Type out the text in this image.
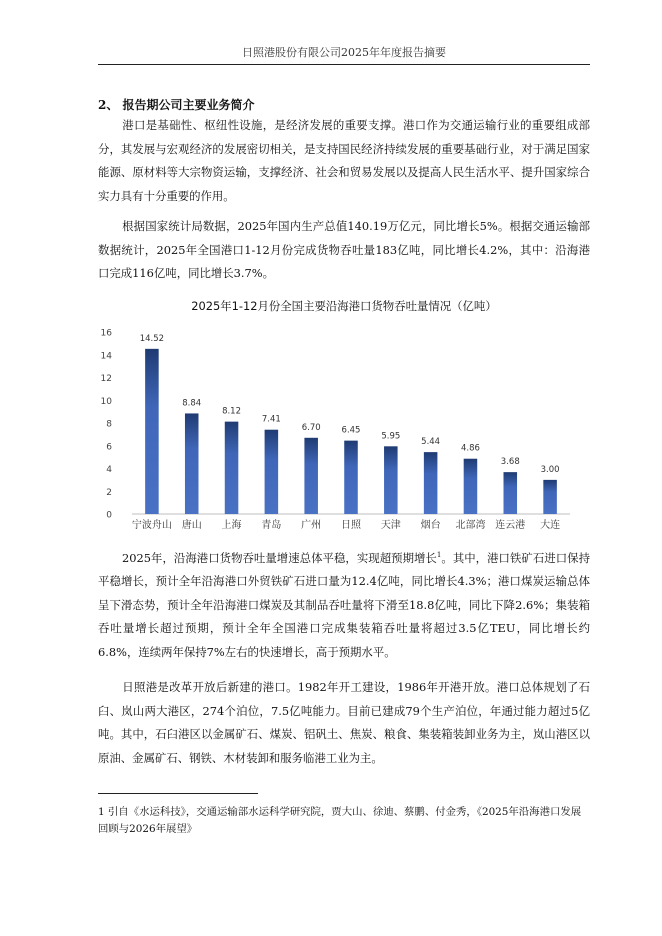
日照港股份有限公司2025年年度报告摘要
2、 报告期公司主要业务简介

港口是基础性、枢纽性设施，是经济发展的重要支撑。港口作为交通运输行业的重要组成部分，其发展与宏观经济的发展密切相关，是支持国民经济持续发展的重要基础行业，对于满足国家能源、原材料等大宗物资运输，支撑经济、社会和贸易发展以及提高人民生活水平、提升国家综合实力具有十分重要的作用。

根据国家统计局数据，2025年国内生产总值140.19万亿元，同比增长5%。根据交通运输部数据统计，2025年全国港口1-12月份完成货物吞吐量183亿吨，同比增长4.2%，其中：沿海港口完成116亿吨，同比增长3.7%。

2025年1-12月份全国主要沿海港口货物吞吐量情况（亿吨）
0
2
4
6
8
10
12
14
16
14.52
8.84
8.12
7.41
6.70 6.45
5.95
5.44
4.86
3.68
3.00
宁波舟山 唐山 上海 青岛 广州 日照 天津 烟台 北部湾 连云港 大连

2025年，沿海港口货物吞吐量增速总体平稳，实现超预期增长$^1$。其中，港口铁矿石进口保持平稳增长，预计全年沿海港口外贸铁矿石进口量为12.4亿吨，同比增长4.3%；港口煤炭运输总体呈下滑态势，预计全年沿海港口煤炭及其制品吞吐量将下滑至18.8亿吨，同比下降2.6%；集装箱吞吐量增长超过预期，预计全年全国港口完成集装箱吞吐量将超过3.5亿TEU，同比增长约6.8%，连续两年保持7%左右的快速增长，高于预期水平。

日照港是改革开放后新建的港口。1982年开工建设，1986年开港开放。港口总体规划了石臼、岚山两大港区，274个泊位，7.5亿吨能力。目前已建成79个生产泊位，年通过能力超过5亿吨。其中，石臼港区以金属矿石、煤炭、铝矾土、焦炭、粮食、集装箱装卸业务为主，岚山港区以原油、金属矿石、钢铁、木材装卸和服务临港工业为主。

1 引自《水运科技》，交通运输部水运科学研究院，贾大山、徐迪、蔡鹏、付金秀，《2025年沿海港口发展回顾与2026年展望》
